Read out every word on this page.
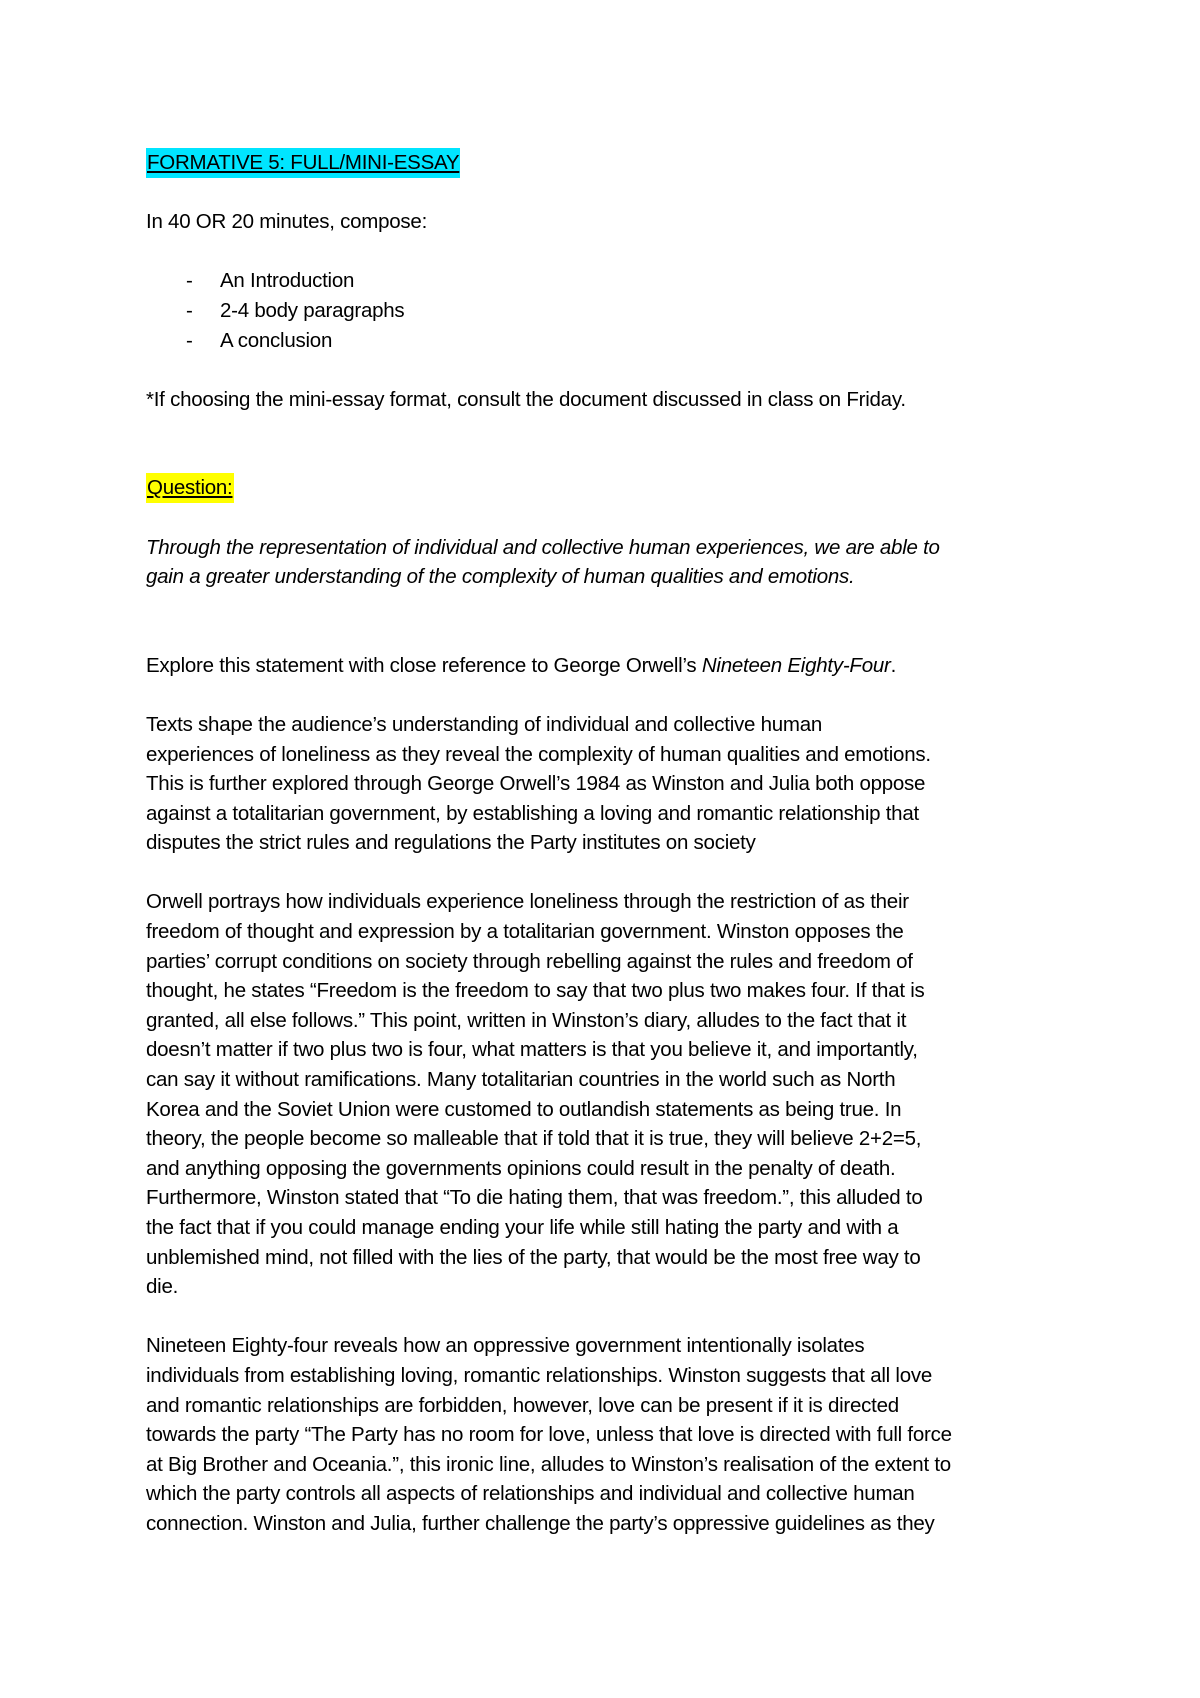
FORMATIVE 5: FULL/MINI-ESSAY

In 40 OR 20 minutes, compose:

- An Introduction
- 2-4 body paragraphs
- A conclusion

*If choosing the mini-essay format, consult the document discussed in class on Friday.

Question:

Through the representation of individual and collective human experiences, we are able to

gain a greater understanding of the complexity of human qualities and emotions.

Explore this statement with close reference to George Orwell’s Nineteen Eighty-Four.

Texts shape the audience’s understanding of individual and collective human

experiences of loneliness as they reveal the complexity of human qualities and emotions.

This is further explored through George Orwell’s 1984 as Winston and Julia both oppose

against a totalitarian government, by establishing a loving and romantic relationship that

disputes the strict rules and regulations the Party institutes on society

Orwell portrays how individuals experience loneliness through the restriction of as their

freedom of thought and expression by a totalitarian government. Winston opposes the

parties’ corrupt conditions on society through rebelling against the rules and freedom of

thought, he states “Freedom is the freedom to say that two plus two makes four. If that is

granted, all else follows.” This point, written in Winston’s diary, alludes to the fact that it

doesn’t matter if two plus two is four, what matters is that you believe it, and importantly,

can say it without ramifications. Many totalitarian countries in the world such as North

Korea and the Soviet Union were customed to outlandish statements as being true. In

theory, the people become so malleable that if told that it is true, they will believe 2+2=5,

and anything opposing the governments opinions could result in the penalty of death.

Furthermore, Winston stated that “To die hating them, that was freedom.”, this alluded to

the fact that if you could manage ending your life while still hating the party and with a

unblemished mind, not filled with the lies of the party, that would be the most free way to

die.

Nineteen Eighty-four reveals how an oppressive government intentionally isolates

individuals from establishing loving, romantic relationships. Winston suggests that all love

and romantic relationships are forbidden, however, love can be present if it is directed

towards the party “The Party has no room for love, unless that love is directed with full force

at Big Brother and Oceania.”, this ironic line, alludes to Winston’s realisation of the extent to

which the party controls all aspects of relationships and individual and collective human

connection. Winston and Julia, further challenge the party’s oppressive guidelines as they
